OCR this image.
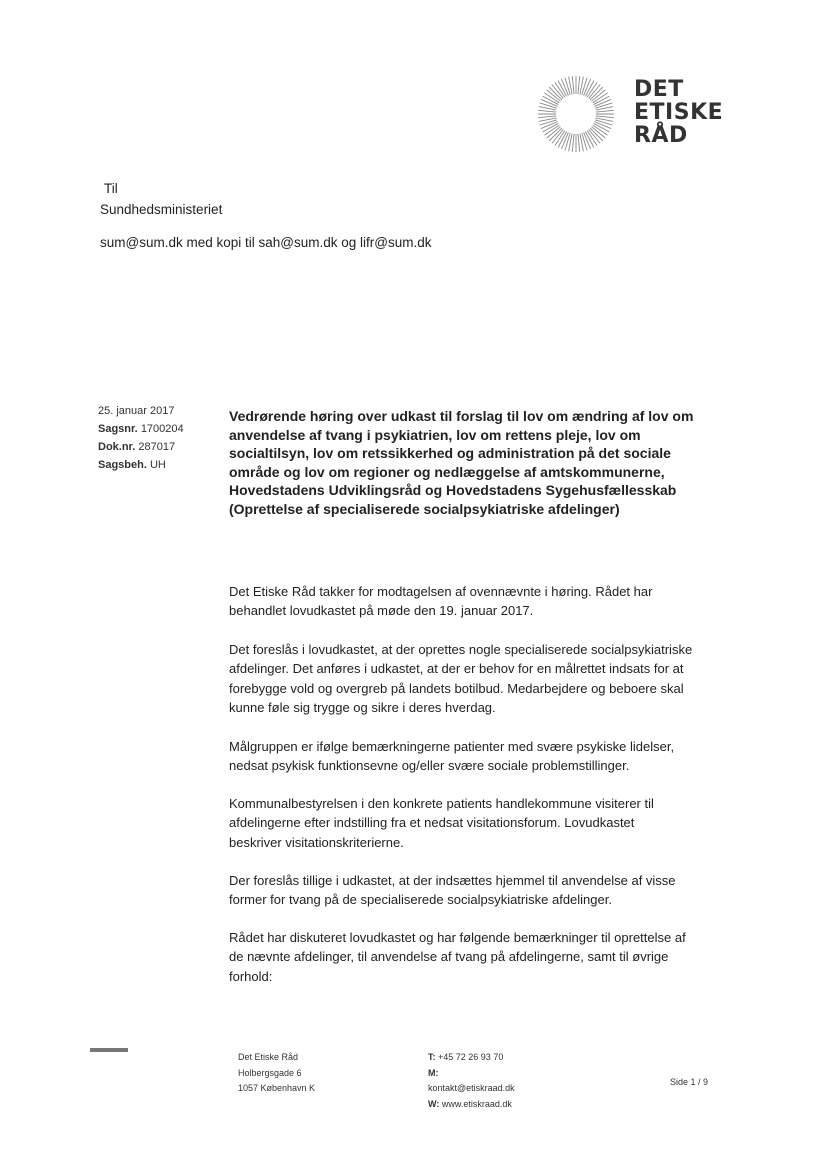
DET
ETISKE
RÅD
Til
Sundhedsministeriet
sum@sum.dk med kopi til sah@sum.dk og lifr@sum.dk
25. januar 2017
Sagsnr. 1700204
Dok.nr. 287017
Sagsbeh. UH
Vedrørende høring over udkast til forslag til lov om ændring af lov om
anvendelse af tvang i psykiatrien, lov om rettens pleje, lov om
socialtilsyn, lov om retssikkerhed og administration på det sociale
område og lov om regioner og nedlæggelse af amtskommunerne,
Hovedstadens Udviklingsråd og Hovedstadens Sygehusfællesskab
(Oprettelse af specialiserede socialpsykiatriske afdelinger)
Det Etiske Råd takker for modtagelsen af ovennævnte i høring. Rådet har
behandlet lovudkastet på møde den 19. januar 2017.
Det foreslås i lovudkastet, at der oprettes nogle specialiserede socialpsykiatriske
afdelinger. Det anføres i udkastet, at der er behov for en målrettet indsats for at
forebygge vold og overgreb på landets botilbud. Medarbejdere og beboere skal
kunne føle sig trygge og sikre i deres hverdag.
Målgruppen er ifølge bemærkningerne patienter med svære psykiske lidelser,
nedsat psykisk funktionsevne og/eller svære sociale problemstillinger.
Kommunalbestyrelsen i den konkrete patients handlekommune visiterer til
afdelingerne efter indstilling fra et nedsat visitationsforum. Lovudkastet
beskriver visitationskriterierne.
Der foreslås tillige i udkastet, at der indsættes hjemmel til anvendelse af visse
former for tvang på de specialiserede socialpsykiatriske afdelinger.
Rådet har diskuteret lovudkastet og har følgende bemærkninger til oprettelse af
de nævnte afdelinger, til anvendelse af tvang på afdelingerne, samt til øvrige
forhold:
Det Etiske Råd
Holbergsgade 6
1057 København K
T: +45 72 26 93 70
M:
kontakt@etiskraad.dk
W: www.etiskraad.dk
Side 1 / 9
